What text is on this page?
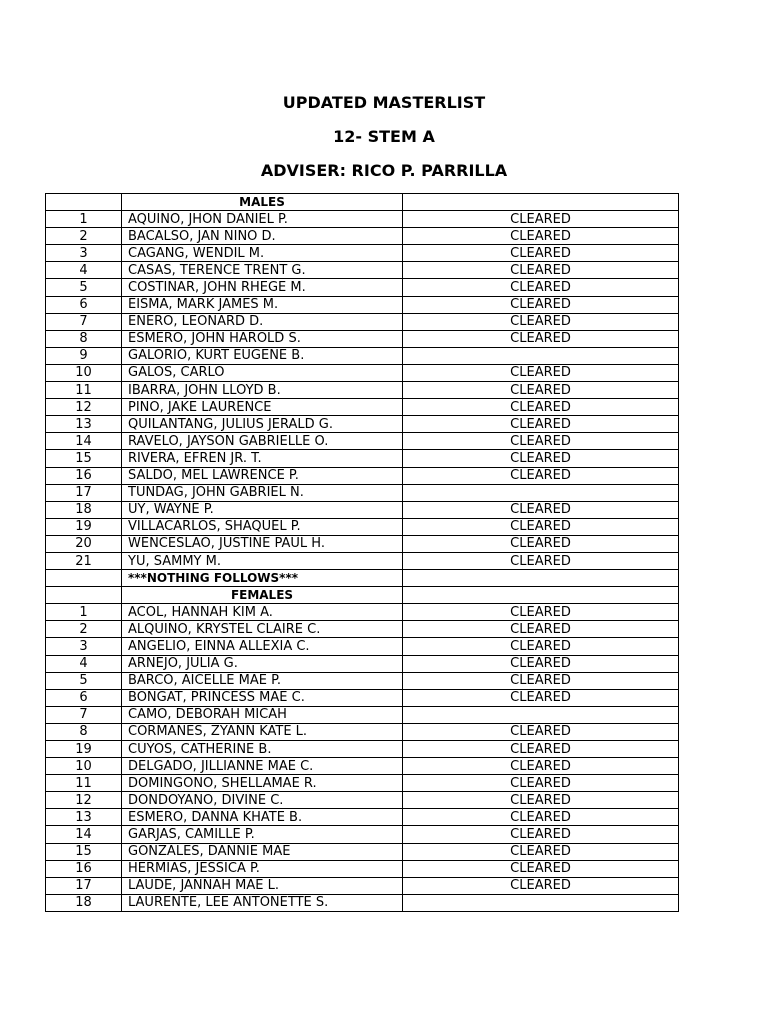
UPDATED MASTERLIST
12- STEM A
ADVISER: RICO P. PARRILLA
	MALES	
1	AQUINO, JHON DANIEL P.	CLEARED
2	BACALSO, JAN NINO D.	CLEARED
3	CAGANG, WENDIL M.	CLEARED
4	CASAS, TERENCE TRENT G.	CLEARED
5	COSTINAR, JOHN RHEGE M.	CLEARED
6	EISMA, MARK JAMES M.	CLEARED
7	ENERO, LEONARD D.	CLEARED
8	ESMERO, JOHN HAROLD S.	CLEARED
9	GALORIO, KURT EUGENE B.	
10	GALOS, CARLO	CLEARED
11	IBARRA, JOHN LLOYD B.	CLEARED
12	PINO, JAKE LAURENCE	CLEARED
13	QUILANTANG, JULIUS JERALD G.	CLEARED
14	RAVELO, JAYSON GABRIELLE O.	CLEARED
15	RIVERA, EFREN JR. T.	CLEARED
16	SALDO, MEL LAWRENCE P.	CLEARED
17	TUNDAG, JOHN GABRIEL N.	
18	UY, WAYNE P.	CLEARED
19	VILLACARLOS, SHAQUEL P.	CLEARED
20	WENCESLAO, JUSTINE PAUL H.	CLEARED
21	YU, SAMMY M.	CLEARED
	***NOTHING FOLLOWS***	
	FEMALES	
1	ACOL, HANNAH KIM A.	CLEARED
2	ALQUINO, KRYSTEL CLAIRE C.	CLEARED
3	ANGELIO, EINNA ALLEXIA C.	CLEARED
4	ARNEJO, JULIA G.	CLEARED
5	BARCO, AICELLE MAE P.	CLEARED
6	BONGAT, PRINCESS MAE C.	CLEARED
7	CAMO, DEBORAH MICAH	
8	CORMANES, ZYANN KATE L.	CLEARED
19	CUYOS, CATHERINE B.	CLEARED
10	DELGADO, JILLIANNE MAE C.	CLEARED
11	DOMINGONO, SHELLAMAE R.	CLEARED
12	DONDOYANO, DIVINE C.	CLEARED
13	ESMERO, DANNA KHATE B.	CLEARED
14	GARJAS, CAMILLE P.	CLEARED
15	GONZALES, DANNIE MAE	CLEARED
16	HERMIAS, JESSICA P.	CLEARED
17	LAUDE, JANNAH MAE L.	CLEARED
18	LAURENTE, LEE ANTONETTE S.	
